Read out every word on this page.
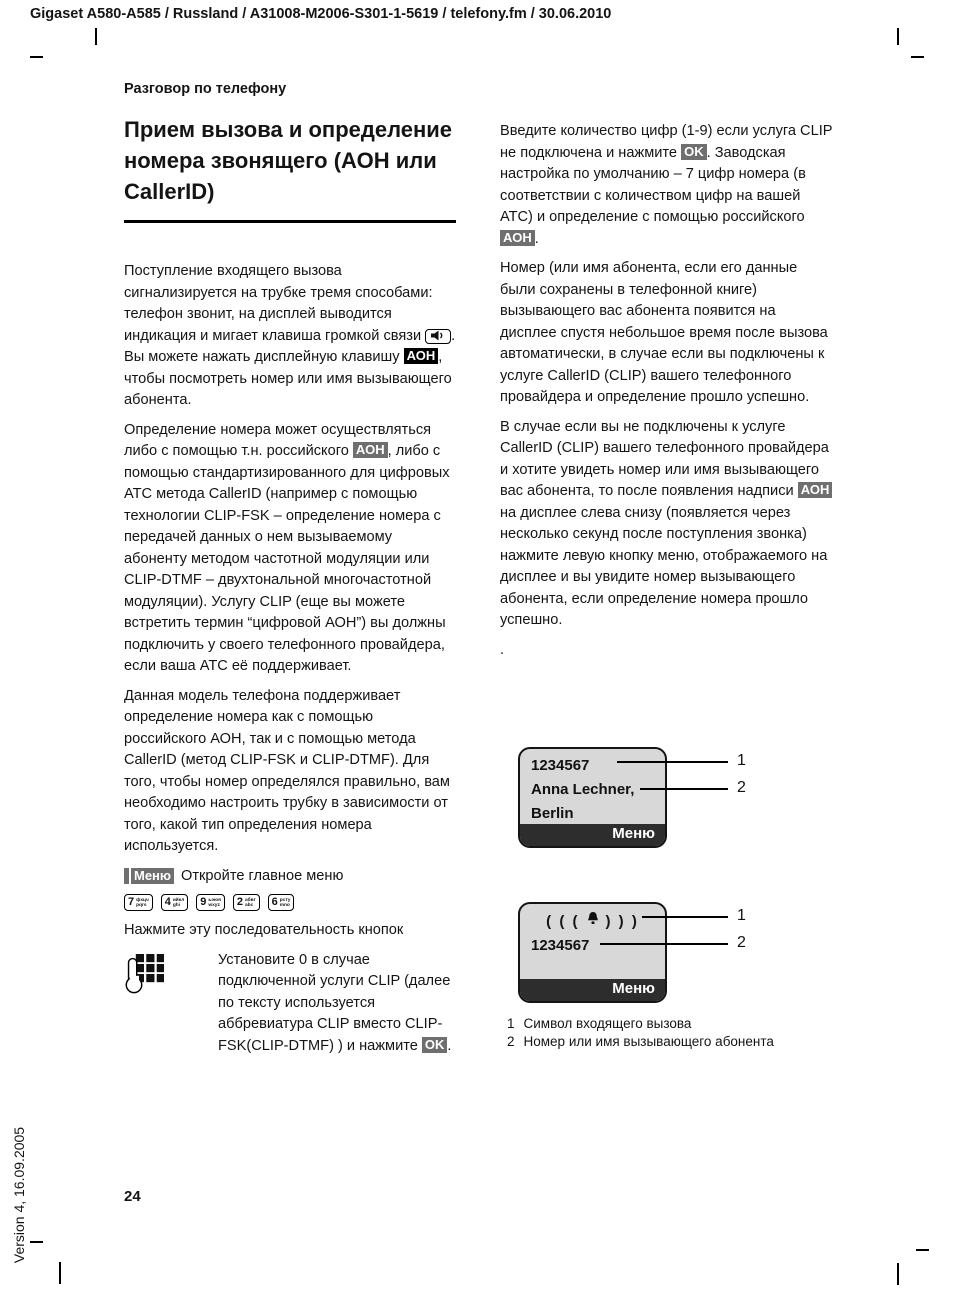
Gigaset A580-A585 / Russland / A31008-M2006-S301-1-5619 / telefony.fm / 30.06.2010
Разговор по телефону
Прием вызова и определение номера звонящего (АОН или CallerID)

Поступление входящего вызова сигнализируется на трубке тремя способами: телефон звонит, на дисплей выводится индикация и мигает клавиша громкой связи . Вы можете нажать дисплейную клавишу АОН , чтобы посмотреть номер или имя вызывающего абонента.

Определение номера может осуществляться либо с помощью т.н. российского АОН , либо с помощью стандартизированного для цифровых АТС метода CallerID (например с помощью технологии CLIP-FSK – определение номера с передачей данных о нем вызываемому абоненту методом частотной модуляции или CLIP-DTMF – двухтональной многочастотной модуляции). Услугу CLIP (еще вы можете встретить термин “цифровой АОН”) вы должны подключить у своего телефонного провайдера, если ваша АТС её поддерживает.

Данная модель телефона поддерживает определение номера как с помощью российского АОН, так и с помощью метода CallerID (метод CLIP-FSK и CLIP-DTMF). Для того, чтобы номер определялся правильно, вам необходимо настроить трубку в зависимости от того, какой тип определения номера используется.

Меню Откройте главное меню
7 фхцч
pqrs 4 ийкл
ghi	9 ьэюя
wxyz 2 абвг
abc 6 рсту
mno

Нажмите эту последовательность кнопок

Установите 0 в случае подключенной услуги CLIP (далее по тексту используется аббревиатура CLIP вместо CLIP-FSK(CLIP-DTMF) ) и нажмите OK .

Введите количество цифр (1-9) если услуга CLIP не подключена и нажмите OK . Заводская настройка по умолчанию – 7 цифр номера (в соответствии с количеством цифр на вашей АТС) и определение с помощью российского АОН .

Номер (или имя абонента, если его данные были сохранены в телефонной книге) вызывающего вас абонента появится на дисплее спустя небольшое время после вызова автоматически, в случае если вы подключены к услуге CallerID (CLIP) вашего телефонного провайдера и определение прошло успешно.

В случае если вы не подключены к услуге CallerID (CLIP) вашего телефонного провайдера и хотите увидеть номер или имя вызывающего вас абонента, то после появления надписи АОН на дисплее слева снизу (появляется через несколько секунд после поступления звонка) нажмите левую кнопку меню, отображаемого на дисплее и вы увидите номер вызывающего абонента, если определение номера прошло успешно.

.

1234567
Anna Lechner,
Berlin
Меню
1
2
( ( ( ) ) )
1234567
Меню
1
2
1 Символ входящего вызова
2 Номер или имя вызывающего абонента
24
Version 4, 16.09.2005
